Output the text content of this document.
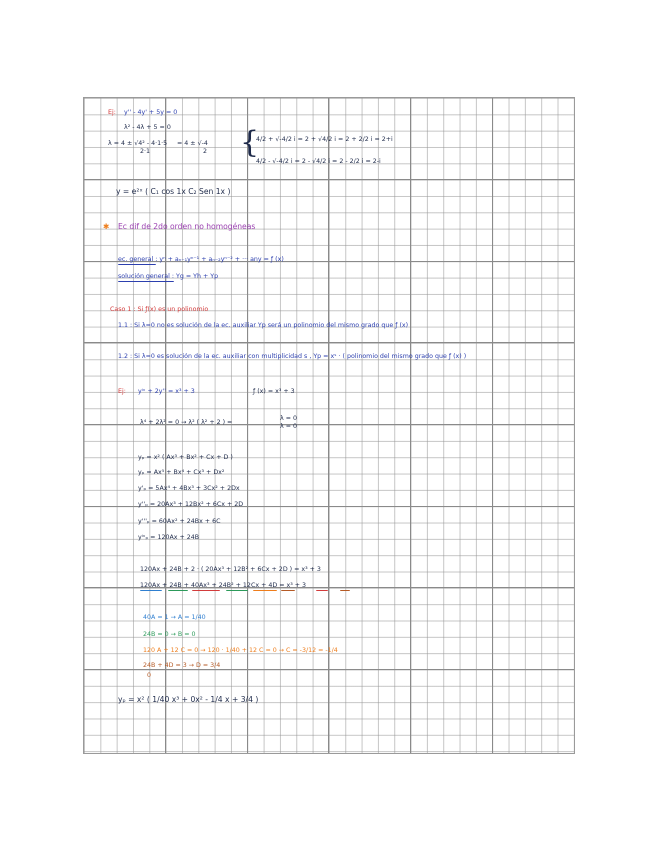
Ej: y'' - 4y' + 5y = 0
λ² - 4λ + 5 = 0
λ = 4 ± √4² - 4·1·5
2·1
= 4 ± √-4
2 {
4/2 + √-4/2 i = 2 + √4/2 i = 2 + 2/2 i = 2+i
4/2 - √-4/2 i = 2 - √4/2 i = 2 - 2/2 i = 2-i
y = e²ˣ ( C₁ cos 1x C₂ Sen 1x )
✱ Ec dif de 2do orden no homogéneas
ec. general : yⁿ + aₙ₋₁yⁿ⁻¹ + aₙ₋₂yⁿ⁻² + ··· any = ƒ (x)
solución general : Yg = Yh + Yp
Caso 1 : Si ƒ(x) es un polinomio
1.1 : Si λ=0 no es solución de la ec. auxiliar Yp será un polinomio del mismo grado que ƒ (x)
1.2 : Si λ=0 es solución de la ec. auxiliar con multiplicidad s , Yp = xˢ · ( polinomio del mismo grado que ƒ (x) )
Ej: yⁱᵛ + 2y'' = x³ + 3	ƒ (x) = x³ + 3
λ⁴ + 2λ² = 0 → λ² ( λ² + 2 ) =
λ = 0
λ = 0
yₚ = x² ( Ax³ + Bx² + Cx + D )
yₚ = Ax⁵ + Bx⁴ + Cx³ + Dx²
y'ₚ = 5Ax⁴ + 4Bx³ + 3Cx² + 2Dx
y''ₚ = 20Ax³ + 12Bx² + 6Cx + 2D
y'''ₚ = 60Ax² + 24Bx + 6C
yⁱᵛₚ = 120Ax + 24B
120Ax + 24B + 2 · ( 20Ax³ + 12B² + 6Cx + 2D ) = x³ + 3
120Ax + 24B + 40Ax³ + 24B² + 12Cx + 4D = x³ + 3
40A = 1 → A = 1/40
24B = 0 → B = 0
120 A + 12 C = 0 → 120 · 1/40 + 12 C = 0 → C = -3/12 = -1/4
24B + 4D = 3 → D = 3/4
0
yₚ = x² ( 1/40 x³ + 0x² - 1/4 x + 3/4 )
